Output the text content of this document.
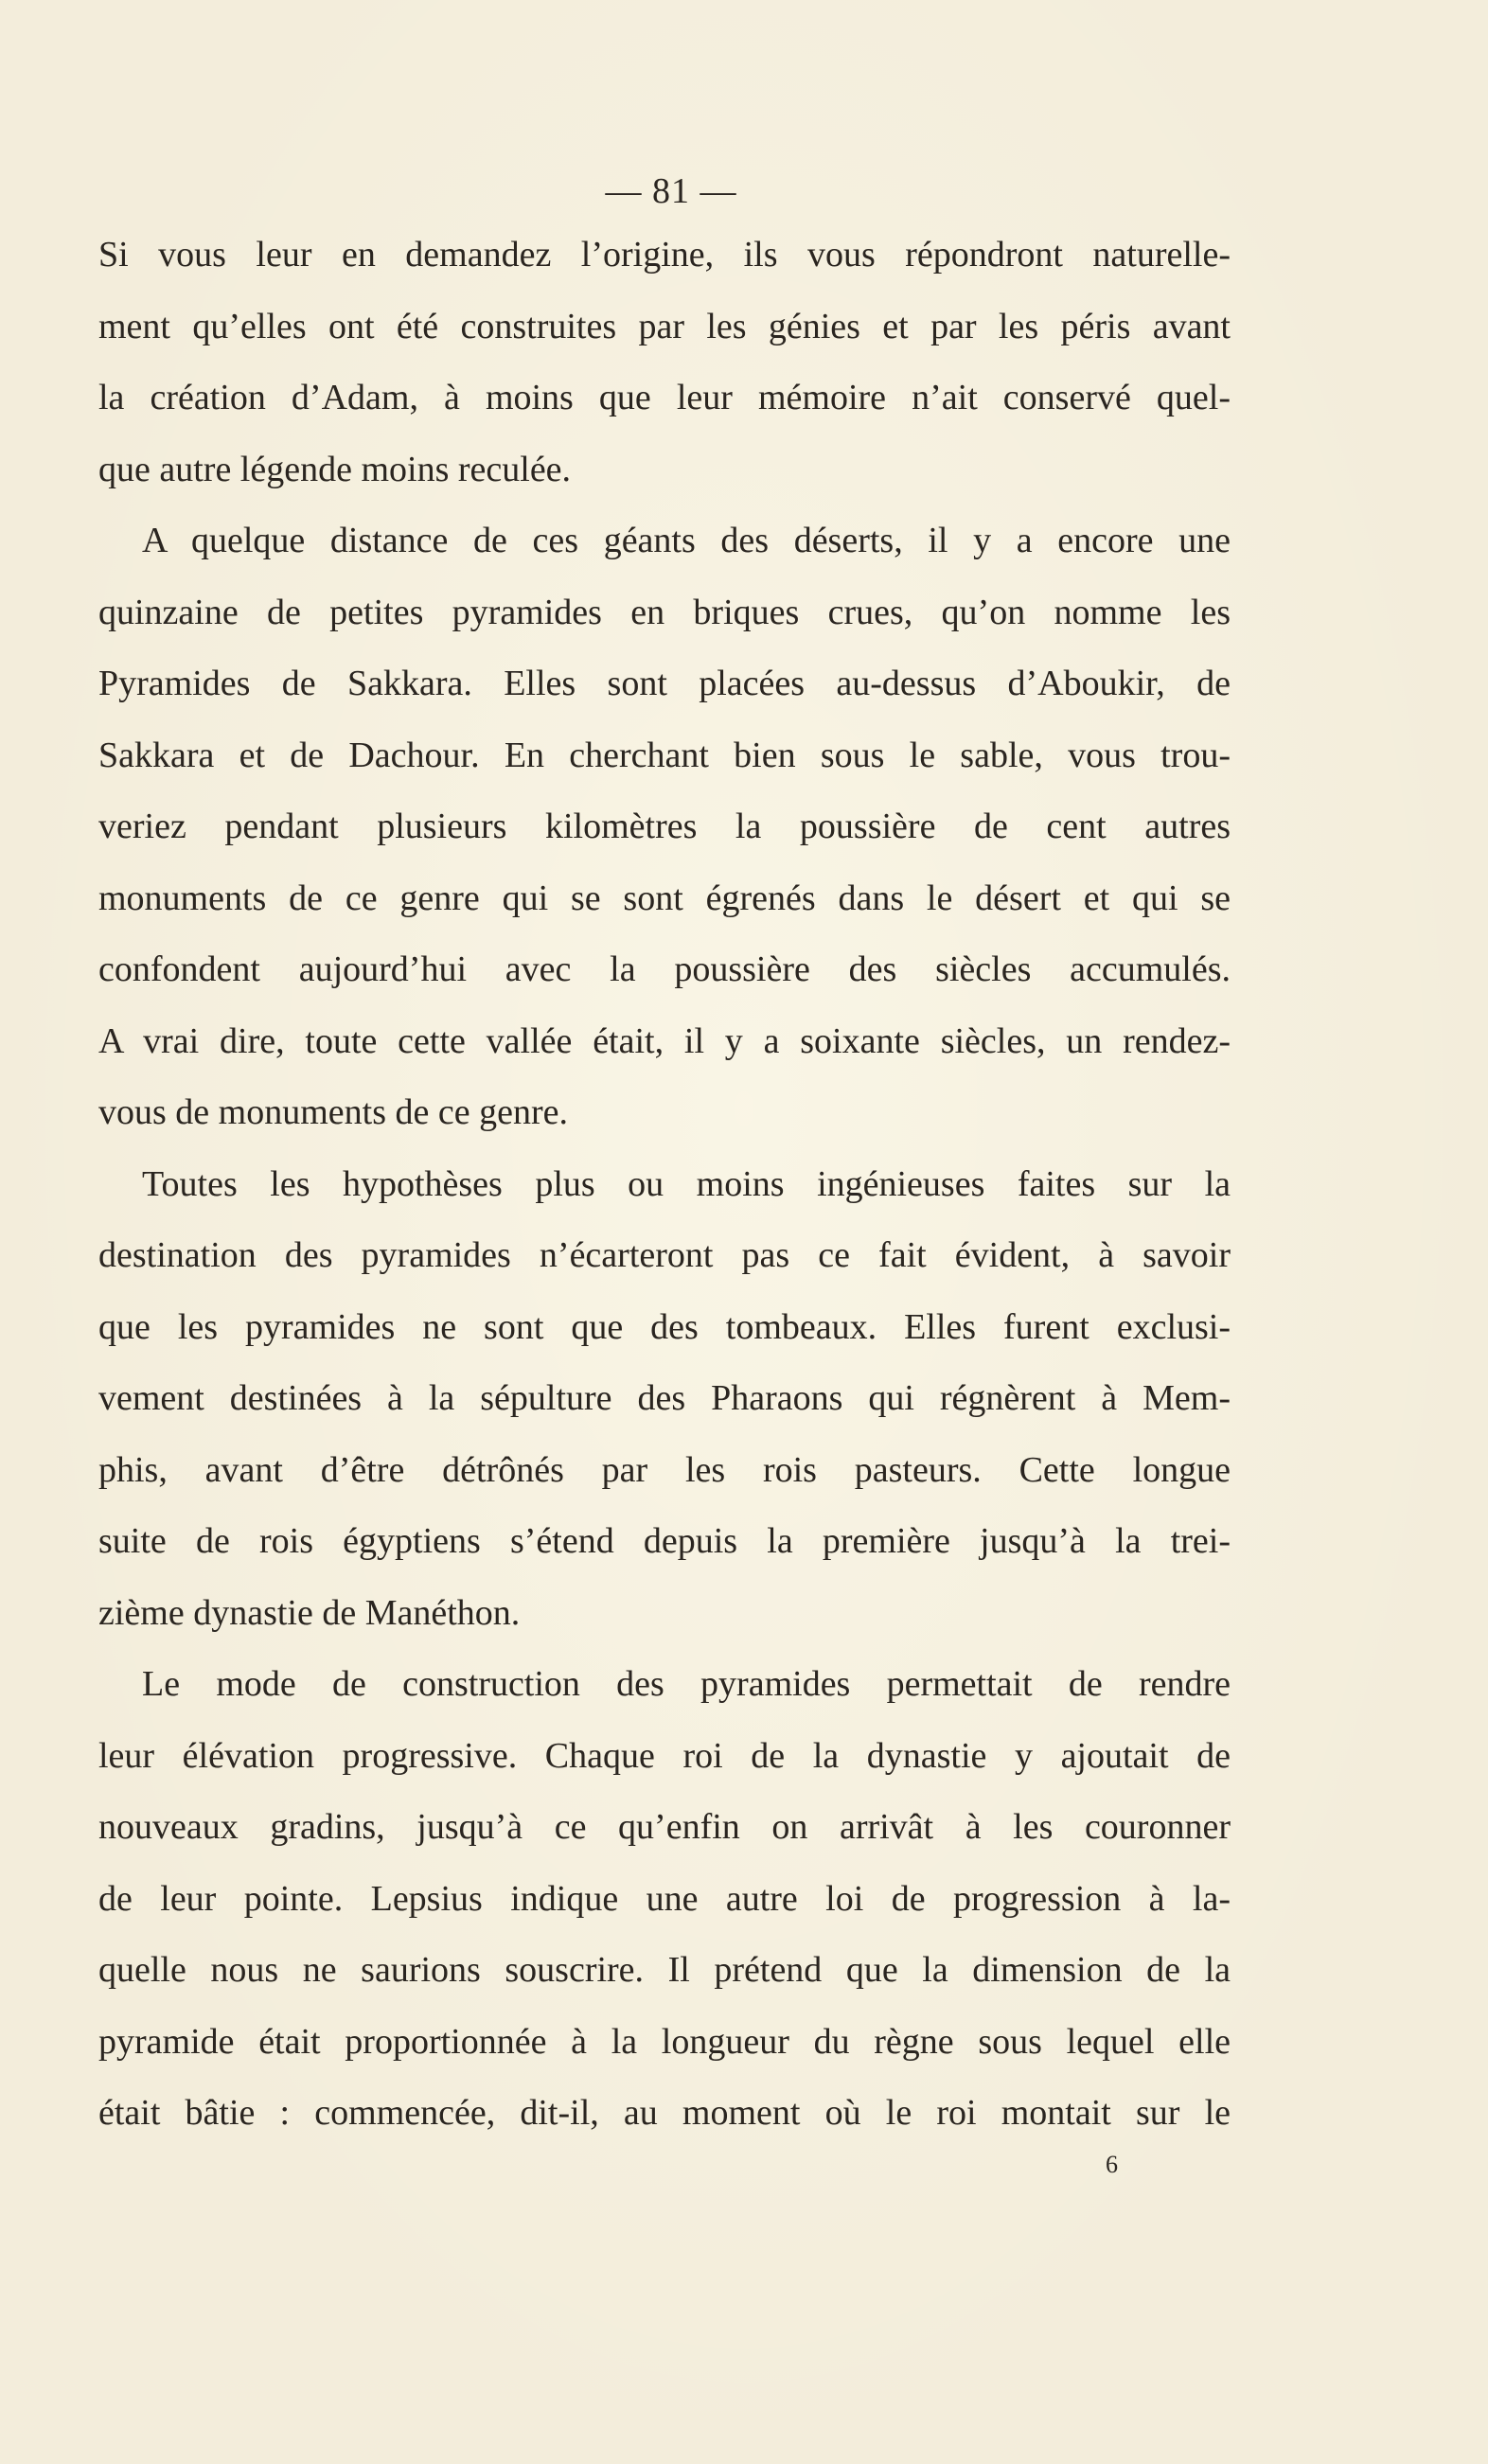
— 81 —

Si vous leur en demandez l’origine, ils vous répondront naturelle-
ment qu’elles ont été construites par les génies et par les péris avant
la création d’Adam, à moins que leur mémoire n’ait conservé quel-
que autre légende moins reculée.

A quelque distance de ces géants des déserts, il y a encore une
quinzaine de petites pyramides en briques crues, qu’on nomme les
Pyramides de Sakkara. Elles sont placées au-dessus d’Aboukir, de
Sakkara et de Dachour. En cherchant bien sous le sable, vous trou-
veriez pendant plusieurs kilomètres la poussière de cent autres
monuments de ce genre qui se sont égrenés dans le désert et qui se
confondent aujourd’hui avec la poussière des siècles accumulés.
A vrai dire, toute cette vallée était, il y a soixante siècles, un rendez-
vous de monuments de ce genre.

Toutes les hypothèses plus ou moins ingénieuses faites sur la
destination des pyramides n’écarteront pas ce fait évident, à savoir
que les pyramides ne sont que des tombeaux. Elles furent exclusi-
vement destinées à la sépulture des Pharaons qui régnèrent à Mem-
phis, avant d’être détrônés par les rois pasteurs. Cette longue
suite de rois égyptiens s’étend depuis la première jusqu’à la trei-
zième dynastie de Manéthon.

Le mode de construction des pyramides permettait de rendre
leur élévation progressive. Chaque roi de la dynastie y ajoutait de
nouveaux gradins, jusqu’à ce qu’enfin on arrivât à les couronner
de leur pointe. Lepsius indique une autre loi de progression à la-
quelle nous ne saurions souscrire. Il prétend que la dimension de la
pyramide était proportionnée à la longueur du règne sous lequel elle
était bâtie : commencée, dit-il, au moment où le roi montait sur le

6
